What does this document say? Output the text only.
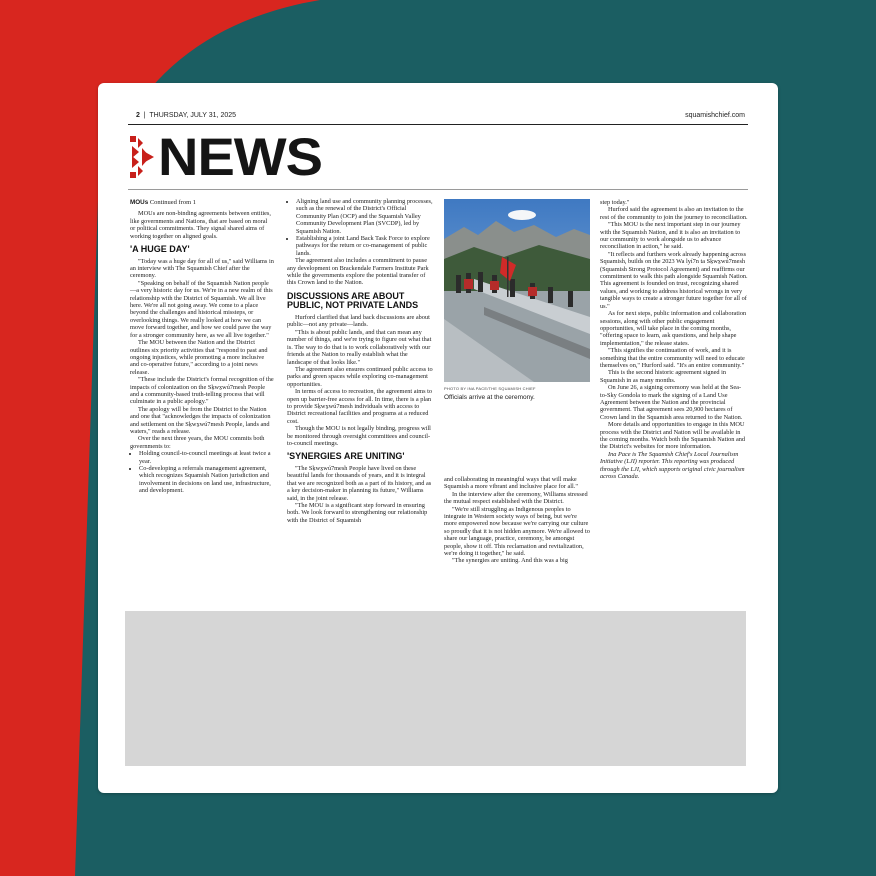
2  |  THURSDAY, JULY 31, 2025	squamishchief.com
NEWS
MOUs Continued from 1

MOUs are non-binding agreements between entities, like governments and Nations, that are based on moral or political commitments. They signal shared aims of working together on aligned goals.

'A HUGE DAY'

"Today was a huge day for all of us," said Williams in an interview with The Squamish Chief after the ceremony.

"Speaking on behalf of the Squamish Nation people—a very historic day for us. We're in a new realm of this relationship with the District of Squamish. We all live here. We're all not going away. We come to a place beyond the challenges and historical missteps, or overlooking things. We really looked at how we can move forward together, and how we could pave the way for a stronger community here, as we all live together."

The MOU between the Nation and the District outlines six priority activities that "respond to past and ongoing injustices, while promoting a more inclusive and co-operative future," according to a joint news release.

"These include the District's formal recognition of the impacts of colonization on the Sḵwx̱wú7mesh People and a community-based truth-telling process that will culminate in a public apology."

The apology will be from the District to the Nation and one that "acknowledges the impacts of colonization and settlement on the Sḵwx̱wú7mesh People, lands and waters," reads a release.

Over the next three years, the MOU commits both governments to:

• Holding council-to-council meetings at least twice a year.
• Co-developing a referrals management agreement, which recognizes Squamish Nation jurisdiction and involvement in decisions on land use, infrastructure, and development.
• Aligning land use and community planning processes, such as the renewal of the District's Official Community Plan (OCP) and the Squamish Valley Community Development Plan (SVCDP), led by Squamish Nation.
• Establishing a joint Land Back Task Force to explore pathways for the return or co-management of public lands.

The agreement also includes a commitment to pause any development on Brackendale Farmers Institute Park while the governments explore the potential transfer of this Crown land to the Nation.

DISCUSSIONS ARE ABOUT PUBLIC, NOT PRIVATE LANDS

Hurford clarified that land back discussions are about public—not any private—lands.

"This is about public lands, and that can mean any number of things, and we're trying to figure out what that is. The way to do that is to work collaboratively with our friends at the Nation to really establish what the landscape of that looks like."

The agreement also ensures continued public access to parks and green spaces while exploring co-management opportunities.

In terms of access to recreation, the agreement aims to open up barrier-free access for all. In time, there is a plan to provide Sḵwx̱wú7mesh individuals with access to District recreational facilities and programs at a reduced cost.

Though the MOU is not legally binding, progress will be monitored through oversight committees and council-to-council meetings.

'SYNERGIES ARE UNITING'

"The Sḵwx̱wú7mesh People have lived on these beautiful lands for thousands of years, and it is integral that we are recognized both as a part of its history, and as a key decision-maker in planning its future," Williams said, in the joint release.

"The MOU is a significant step forward in ensuring both. We look forward to strengthening our relationship with the District of Squamish

PHOTO BY INA PACE/THE SQUAMISH CHIEF
Officials arrive at the ceremony.

and collaborating in meaningful ways that will make Squamish a more vibrant and inclusive place for all."

In the interview after the ceremony, Williams stressed the mutual respect established with the District.

"We're still struggling as Indigenous peoples to integrate in Western society ways of being, but we're more empowered now because we're carrying our culture so proudly that it is not hidden anymore. We're allowed to share our language, practice, ceremony, be amongst people, show it off. This reclamation and revitalization, we're doing it together," he said.

"The synergies are uniting. And this was a big

step today."

Hurford said the agreement is also an invitation to the rest of the community to join the journey to reconciliation.

"This MOU is the next important step in our journey with the Squamish Nation, and it is also an invitation to our community to work alongside us to advance reconciliation in action," he said.

"It reflects and furthers work already happening across Squamish, builds on the 2023 Wa lyí7n ta Sḵwx̱wú7mesh (Squamish Strong Protocol Agreement) and reaffirms our commitment to walk this path alongside Squamish Nation. This agreement is founded on trust, recognizing shared values, and working to address historical wrongs in very tangible ways to create a stronger future together for all of us."

As for next steps, public information and collaboration sessions, along with other public engagement opportunities, will take place in the coming months, "offering space to learn, ask questions, and help shape implementation," the release states.

"This signifies the continuation of work, and it is something that the entire community will need to educate themselves on," Hurford said. "It's an entire community."

This is the second historic agreement signed in Squamish in as many months.

On June 26, a signing ceremony was held at the Sea-to-Sky Gondola to mark the signing of a Land Use Agreement between the Nation and the provincial government. That agreement sees 20,900 hectares of Crown land in the Squamish area returned to the Nation.

More details and opportunities to engage in this MOU process with the District and Nation will be available in the coming months. Watch both the Squamish Nation and the District's websites for more information.

Ina Pace is The Squamish Chief's Local Journalism Initiative (LJI) reporter. This reporting was produced through the LJI, which supports original civic journalism across Canada.
